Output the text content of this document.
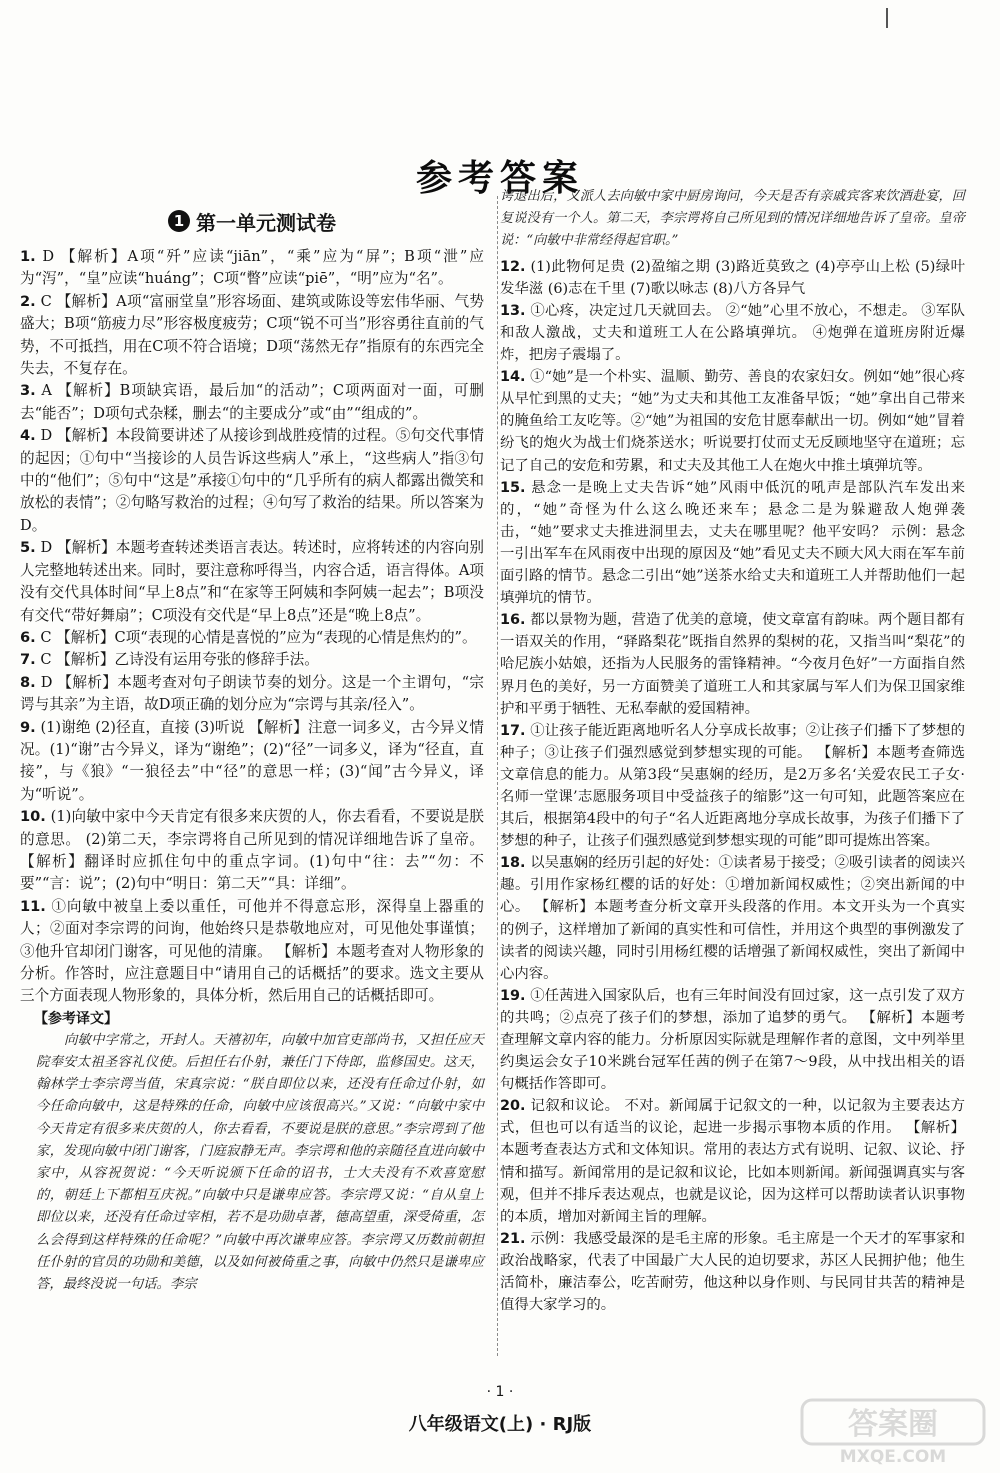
参考答案
1 第一单元测试卷

1. D 【解析】A项“歼”应读“jiān”，“乘”应为“屏”；B项“泄”应为“泻”，“皇”应读“huáng”；C项“瞥”应读“piē”，“明”应为“名”。

2. C 【解析】A项“富丽堂皇”形容场面、建筑或陈设等宏伟华丽、气势盛大；B项“筋疲力尽”形容极度疲劳；C项“锐不可当”形容勇往直前的气势，不可抵挡，用在C项不符合语境；D项“荡然无存”指原有的东西完全失去，不复存在。

3. A 【解析】B项缺宾语，最后加“的活动”；C项两面对一面，可删去“能否”；D项句式杂糅，删去“的主要成分”或“由”“组成的”。

4. D 【解析】本段简要讲述了从接诊到战胜疫情的过程。⑤句交代事情的起因；①句中“当接诊的人员告诉这些病人”承上，“这些病人”指③句中的“他们”；⑤句中“这是”承接①句中的“几乎所有的病人都露出微笑和放松的表情”；②句略写救治的过程；④句写了救治的结果。所以答案为D。

5. D 【解析】本题考查转述类语言表达。转述时，应将转述的内容向别人完整地转述出来。同时，要注意称呼得当，内容合适，语言得体。A项没有交代具体时间“早上8点”和“在家等王阿姨和李阿姨一起去”；B项没有交代“带好舞扇”；C项没有交代是“早上8点”还是“晚上8点”。

6. C 【解析】C项“表现的心情是喜悦的”应为“表现的心情是焦灼的”。

7. C 【解析】乙诗没有运用夸张的修辞手法。

8. D 【解析】本题考查对句子朗读节奏的划分。这是一个主谓句，“宗谔与其亲”为主语，故D项正确的划分应为“宗谔与其亲/径入”。

9. (1)谢绝 (2)径直，直接 (3)听说 【解析】注意一词多义，古今异义情况。(1)“谢”古今异义，译为“谢绝”；(2)“径”一词多义，译为“径直，直接”，与《狼》“一狼径去”中“径”的意思一样；(3)“闻”古今异义，译为“听说”。

10. (1)向敏中家中今天肯定有很多来庆贺的人，你去看看，不要说是朕的意思。 (2)第二天，李宗谔将自己所见到的情况详细地告诉了皇帝。 【解析】翻译时应抓住句中的重点字词。(1)句中“往：去”“勿：不要”“言：说”；(2)句中“明日：第二天”“具：详细”。

11. ①向敏中被皇上委以重任，可他并不得意忘形，深得皇上器重的人；②面对李宗谔的问询，他始终只是恭敬地应对，可见他处事谨慎；③他升官却闭门谢客，可见他的清廉。 【解析】本题考查对人物形象的分析。作答时，应注意题目中“请用自己的话概括”的要求。选文主要从三个方面表现人物形象的，具体分析，然后用自己的话概括即可。

【参考译文】

向敏中字常之，开封人。天禧初年，向敏中加官吏部尚书，又担任应天院奉安太祖圣容礼仪使。后担任右仆射，兼任门下侍郎，监修国史。这天，翰林学士李宗谔当值，宋真宗说：“朕自即位以来，还没有任命过仆射，如今任命向敏中，这是特殊的任命，向敏中应该很高兴。”又说：“向敏中家中今天肯定有很多来庆贺的人，你去看看，不要说是朕的意思。”李宗谔到了他家，发现向敏中闭门谢客，门庭寂静无声。李宗谔和他的亲随径直进向敏中家中，从容祝贺说：“今天听说颁下任命的诏书，士大夫没有不欢喜宽慰的，朝廷上下都相互庆祝。”向敏中只是谦卑应答。李宗谔又说：“自从皇上即位以来，还没有任命过宰相，若不是功勋卓著，德高望重，深受倚重，怎么会得到这样特殊的任命呢？”向敏中再次谦卑应答。李宗谔又历数前朝担任仆射的官员的功勋和美德，以及如何被倚重之事，向敏中仍然只是谦卑应答，最终没说一句话。李宗

谔退出后，又派人去向敏中家中厨房询问，今天是否有亲戚宾客来饮酒赴宴，回复说没有一个人。第二天，李宗谔将自己所见到的情况详细地告诉了皇帝。皇帝说：“向敏中非常经得起官职。”

12. (1)此物何足贵 (2)盈缩之期 (3)路近莫致之 (4)亭亭山上松 (5)绿叶发华滋 (6)志在千里 (7)歌以咏志 (8)八方各异气

13. ①心疼，决定过几天就回去。 ②“她”心里不放心，不想走。 ③军队和敌人激战，丈夫和道班工人在公路填弹坑。 ④炮弹在道班房附近爆炸，把房子震塌了。

14. ①“她”是一个朴实、温顺、勤劳、善良的农家妇女。例如“她”很心疼从早忙到黑的丈夫；“她”为丈夫和其他工友准备早饭；“她”拿出自己带来的腌鱼给工友吃等。②“她”为祖国的安危甘愿奉献出一切。例如“她”冒着纷飞的炮火为战士们烧茶送水；听说要打仗而丈无反顾地坚守在道班；忘记了自己的安危和劳累，和丈夫及其他工人在炮火中推土填弹坑等。

15. 悬念一是晚上丈夫告诉“她”风雨中低沉的吼声是部队汽车发出来的，“她”奇怪为什么这么晚还来车；悬念二是为躲避敌人炮弹袭击，“她”要求丈夫推进洞里去，丈夫在哪里呢？他平安吗？ 示例：悬念一引出军车在风雨夜中出现的原因及“她”看见丈夫不顾大风大雨在军车前面引路的情节。悬念二引出“她”送茶水给丈夫和道班工人并帮助他们一起填弹坑的情节。

16. 都以景物为题，营造了优美的意境，使文章富有韵味。两个题目都有一语双关的作用，“驿路梨花”既指自然界的梨树的花，又指当叫“梨花”的哈尼族小姑娘，还指为人民服务的雷锋精神。“今夜月色好”一方面指自然界月色的美好，另一方面赞美了道班工人和其家属与军人们为保卫国家维护和平勇于牺牲、无私奉献的爱国精神。

17. ①让孩子能近距离地听名人分享成长故事；②让孩子们播下了梦想的种子；③让孩子们强烈感觉到梦想实现的可能。 【解析】本题考查筛选文章信息的能力。从第3段“吴惠娴的经历，是2万多名‘关爱农民工子女·名师一堂课’志愿服务项目中受益孩子的缩影”这一句可知，此题答案应在其后，根据第4段中的句子“名人近距离地分享成长故事，为孩子们播下了梦想的种子，让孩子们强烈感觉到梦想实现的可能”即可提炼出答案。

18. 以吴惠娴的经历引起的好处：①读者易于接受；②吸引读者的阅读兴趣。引用作家杨红樱的话的好处：①增加新闻权威性；②突出新闻的中心。 【解析】本题考查分析文章开头段落的作用。本文开头为一个真实的例子，这样增加了新闻的真实性和可信性，并用这个典型的事例激发了读者的阅读兴趣，同时引用杨红樱的话增强了新闻权威性，突出了新闻中心内容。

19. ①任茜进入国家队后，也有三年时间没有回过家，这一点引发了双方的共鸣；②点亮了孩子们的梦想，添加了追梦的勇气。 【解析】本题考查理解文章内容的能力。分析原因实际就是理解作者的意图，文中列举里约奥运会女子10米跳台冠军任茜的例子在第7～9段，从中找出相关的语句概括作答即可。

20. 记叙和议论。 不对。新闻属于记叙文的一种，以记叙为主要表达方式，但也可以有适当的议论，起进一步揭示事物本质的作用。 【解析】本题考查表达方式和文体知识。常用的表达方式有说明、记叙、议论、抒情和描写。新闻常用的是记叙和议论，比如本则新闻。新闻强调真实与客观，但并不排斥表达观点，也就是议论，因为这样可以帮助读者认识事物的本质，增加对新闻主旨的理解。

21. 示例：我感受最深的是毛主席的形象。毛主席是一个天才的军事家和政治战略家，代表了中国最广大人民的迫切要求，苏区人民拥护他；他生活简朴，廉洁奉公，吃苦耐劳，他这种以身作则、与民同甘共苦的精神是值得大家学习的。

· 1 ·
八年级语文(上) · RJ版	答案圈
MXQE.COM
